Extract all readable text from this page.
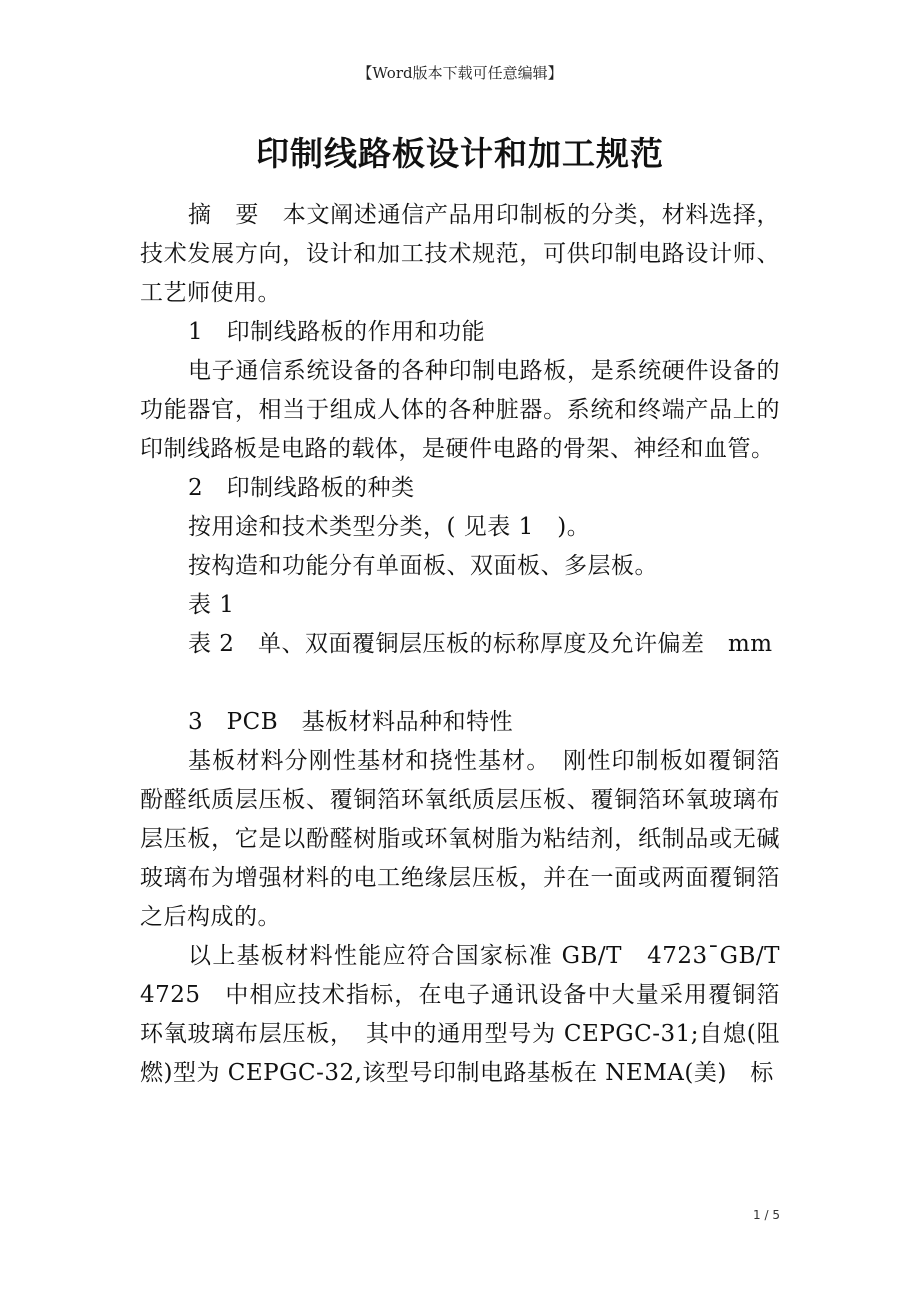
【Word版本下载可任意编辑】
印制线路板设计和加工规范

摘　要　本文阐述通信产品用印制板的分类，材料选择，技术发展方向，设计和加工技术规范，可供印制电路设计师、工艺师使用。

1　印制线路板的作用和功能

电子通信系统设备的各种印制电路板，是系统硬件设备的功能器官，相当于组成人体的各种脏器。系统和终端产品上的印制线路板是电路的载体，是硬件电路的骨架、神经和血管。

2　印制线路板的种类

按用途和技术类型分类，( 见表 1　)。

按构造和功能分有单面板、双面板、多层板。

表 1

表 2　单、双面覆铜层压板的标称厚度及允许偏差　mm

3　PCB　基板材料品种和特性

基板材料分刚性基材和挠性基材。　刚性印制板如覆铜箔酚醛纸质层压板、覆铜箔环氧纸质层压板、覆铜箔环氧玻璃布层压板，它是以酚醛树脂或环氧树脂为粘结剂，纸制品或无碱玻璃布为增强材料的电工绝缘层压板，并在一面或两面覆铜箔之后构成的。

以上基板材料性能应符合国家标准 GB/T　4723¯GB/T　4725　中相应技术指标，在电子通讯设备中大量采用覆铜箔环氧玻璃布层压板，　其中的通用型号为 CEPGC-31;自熄(阻燃)型为 CEPGC-32,该型号印制电路基板在 NEMA(美)　标

1 / 5
